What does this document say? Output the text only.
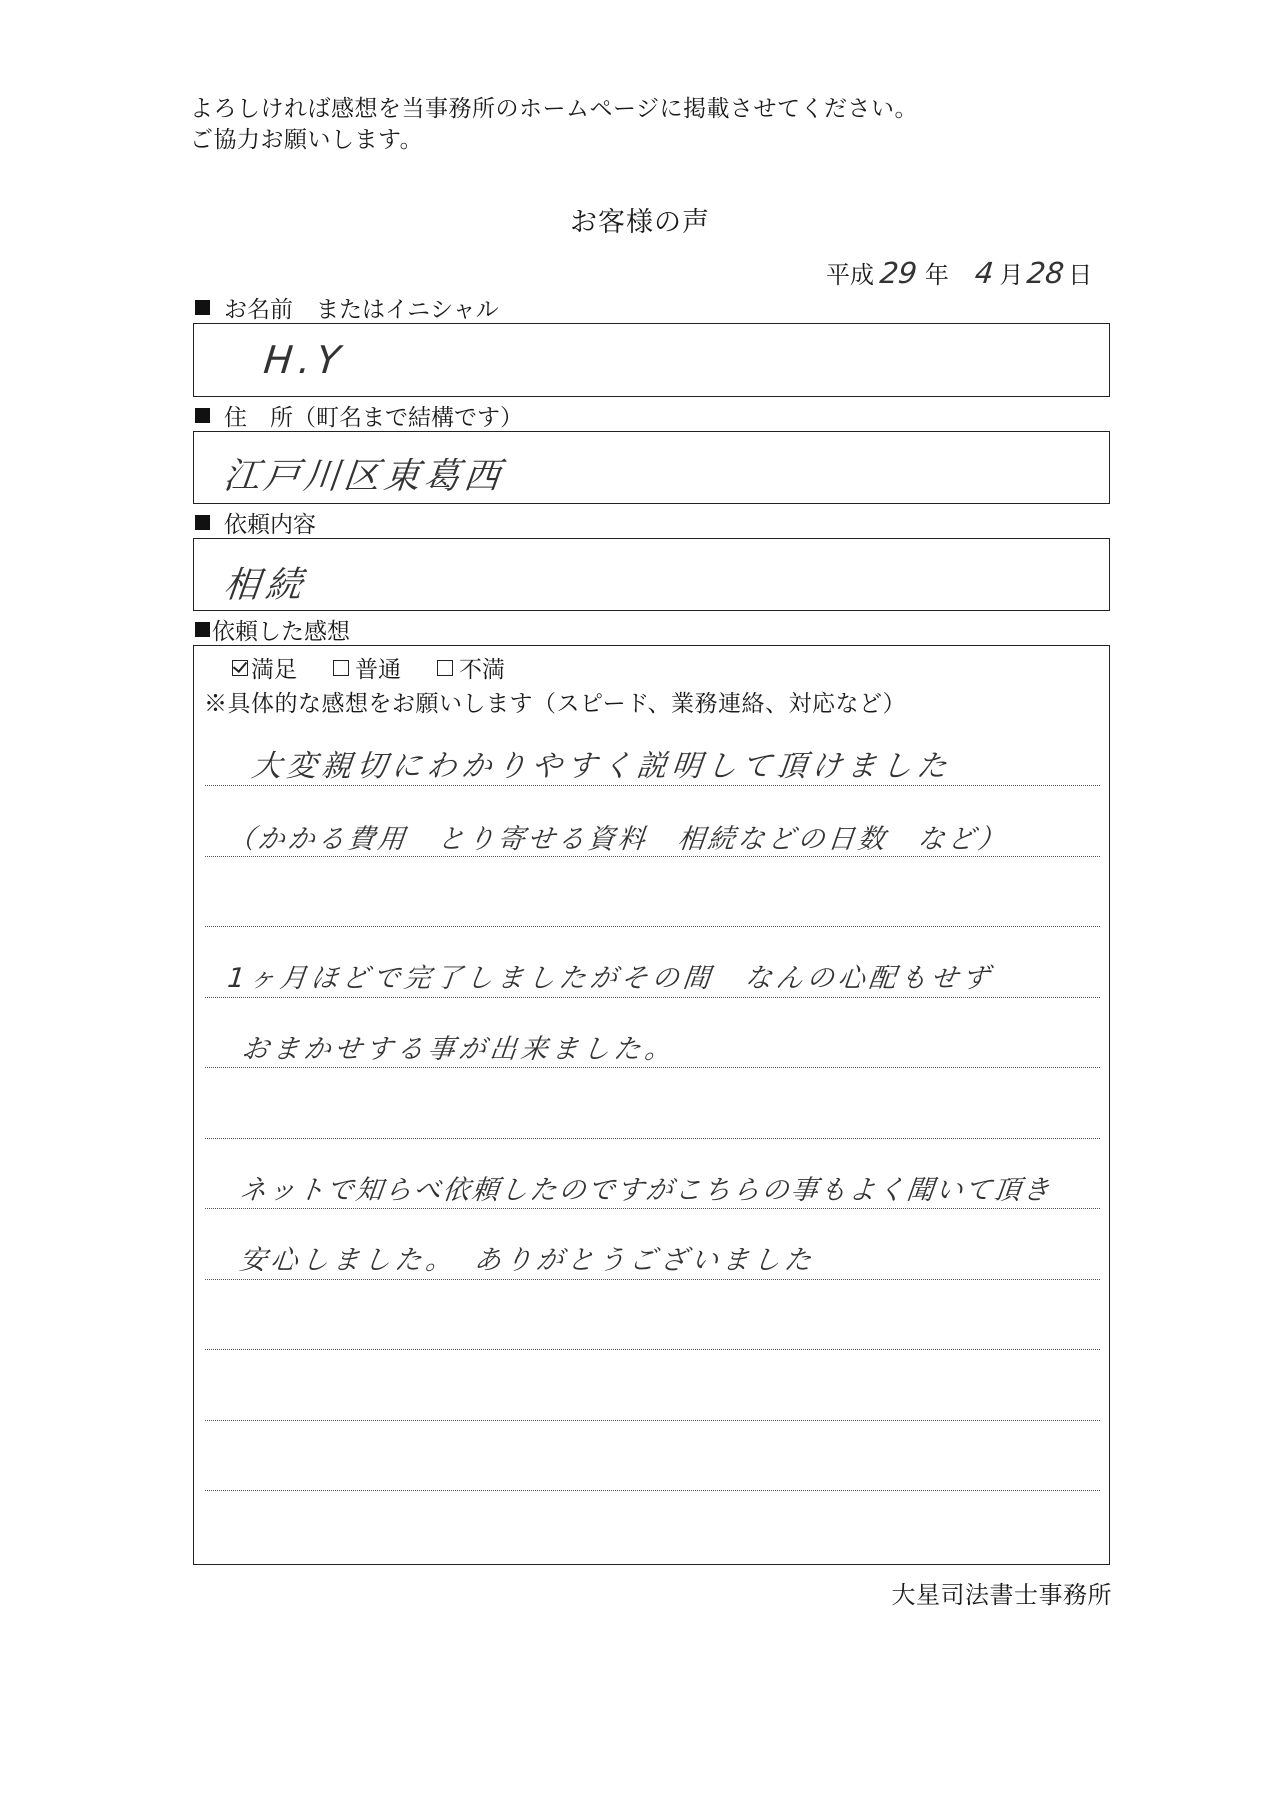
よろしければ感想を当事務所のホームページに掲載させてください。
ご協力お願いします。
お客様の声
平成 29 年 4 月 28 日
お名前　またはイニシャル
H.Y
住　所（町名まで結構です）
江戸川区東葛西
依頼内容
相続
依頼した感想
満足	普通	不満
※具体的な感想をお願いします（スピード、業務連絡、対応など）
大変親切にわかりやすく説明して頂けました
（かかる費用　とり寄せる資料　相続などの日数　など）
1ヶ月ほどで完了しましたがその間　なんの心配もせず
おまかせする事が出来ました。
ネットで知らべ依頼したのですがこちらの事もよく聞いて頂き
安心しました。　ありがとうございました
大星司法書士事務所
